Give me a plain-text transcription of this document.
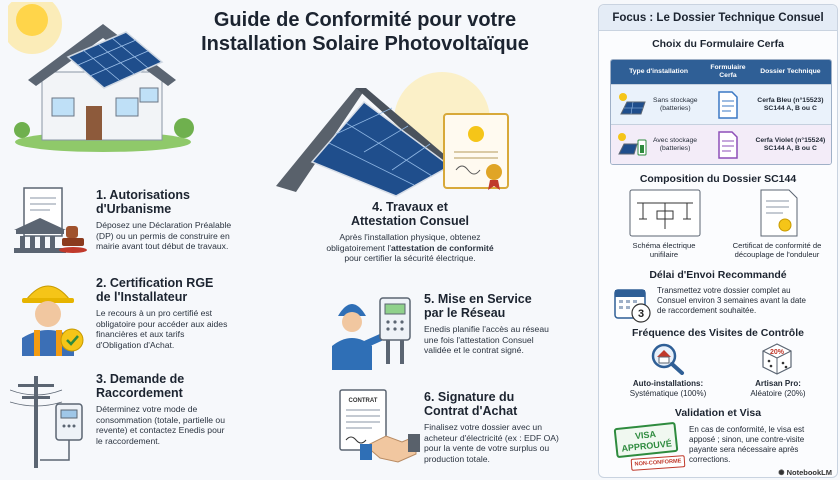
Guide de Conformité pour votre
Installation Solaire Photovoltaïque
1. Autorisations
d'Urbanisme
Déposez une Déclaration Préalable
(DP) ou un permis de construire en
mairie avant tout début de travaux.
2. Certification RGE
de l'Installateur
Le recours à un pro certifié est
obligatoire pour accéder aux aides
financières et aux tarifs
d'Obligation d'Achat.
3. Demande de
Raccordement
Déterminez votre mode de
consommation (totale, partielle ou
revente) et contactez Enedis pour
le raccordement.
4. Travaux et
Attestation Consuel
Après l'installation physique, obtenez
obligatoirement l'attestation de conformité
pour certifier la sécurité électrique.
5. Mise en Service
par le Réseau
Enedis planifie l'accès au réseau
une fois l'attestation Consuel
validée et le contrat signé.
CONTRAT	6. Signature du
Contrat d'Achat
Finalisez votre dossier avec un
acheteur d'électricité (ex : EDF OA)
pour la vente de votre surplus ou
production totale.
Focus : Le Dossier Technique Consuel
Choix du Formulaire Cerfa
Type d'installation
Formulaire Cerfa
Dossier Technique
Sans stockage
(batteries)
Cerfa Bleu (n°15523)
SC144 A, B ou C
Avec stockage
(batteries)
Cerfa Violet (n°15524)
SC144 A, B ou C
Composition du Dossier SC144
Schéma électrique
unifilaire
Certificat de conformité de
découplage de l'onduleur
Délai d'Envoi Recommandé
3
Transmettez votre dossier complet au
Consuel environ 3 semaines avant la date
de raccordement souhaitée.
Fréquence des Visites de Contrôle
20%
Auto-installations:
Systématique (100%)
Artisan Pro:
Aléatoire (20%)
Validation et Visa
VISA
APPROUVÉ
NON-CONFORME
En cas de conformité, le visa est
apposé ; sinon, une contre-visite
payante sera nécessaire après
corrections.
✺ NotebookLM
